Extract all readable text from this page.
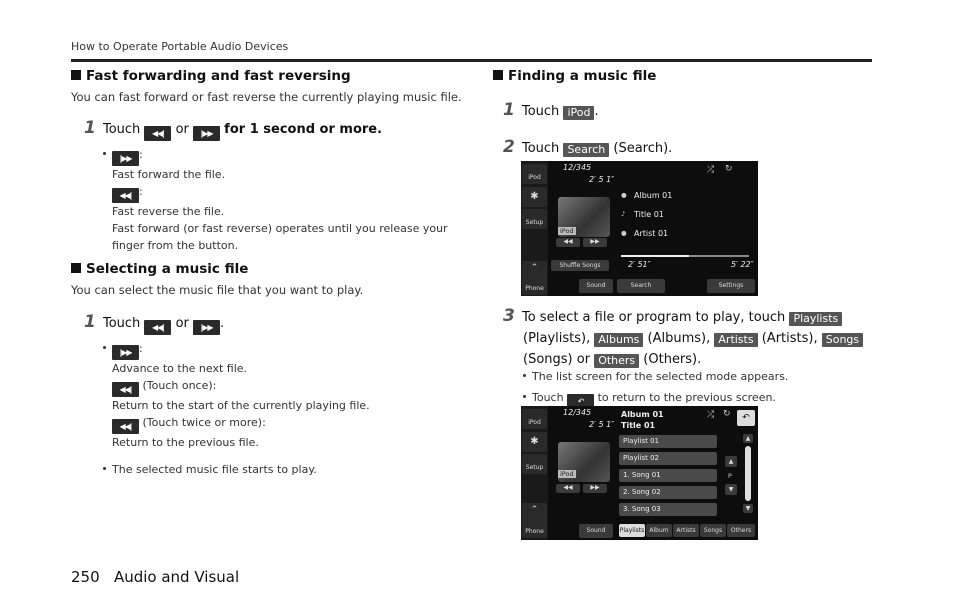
How to Operate Portable Audio Devices
Fast forwarding and fast reversing
You can fast forward or fast reverse the currently playing music file.
1 Touch ◀◀| or |▶▶ for 1 second or more.
|▶▶ :
Fast forward the file.
◀◀| :
Fast reverse the file.
Fast forward (or fast reverse) operates until you release your
finger from the button.
Selecting a music file
You can select the music file that you want to play.
1 Touch ◀◀| or |▶▶ .
|▶▶ :
Advance to the next file.
◀◀| (Touch once):
Return to the start of the currently playing file.
◀◀| (Touch twice or more):
Return to the previous file.
The selected music file starts to play.
Finding a music file
1 Touch iPod .
2 Touch Search (Search).
iPod
✱
Setup
⌃
Phone
12/345
2′ 5 1″
⤮ ↻
iPod
● Album 01
♪ Title 01
● Artist 01
◀◀	▶▶
2′ 51″	5′ 22″
Shuffle Songs
Sound	Search	Settings
3 To select a file or program to play, touch Playlists
(Playlists), Albums (Albums), Artists (Artists), Songs
(Songs) or Others (Others).
The list screen for the selected mode appears.
Touch ↶ to return to the previous screen.
iPod
✱
Setup
⌃
Phone
12/345
2′ 5 1″
Album 01
Title 01
⤮ ↻	↶
iPod
◀◀	▶▶
Sound
Playlist 01
Playlist 02
1. Song 01
2. Song 02
3. Song 03
▲
P
▼
▲
▼
Playlists Album	Artists	Songs	Others
250 Audio and Visual
